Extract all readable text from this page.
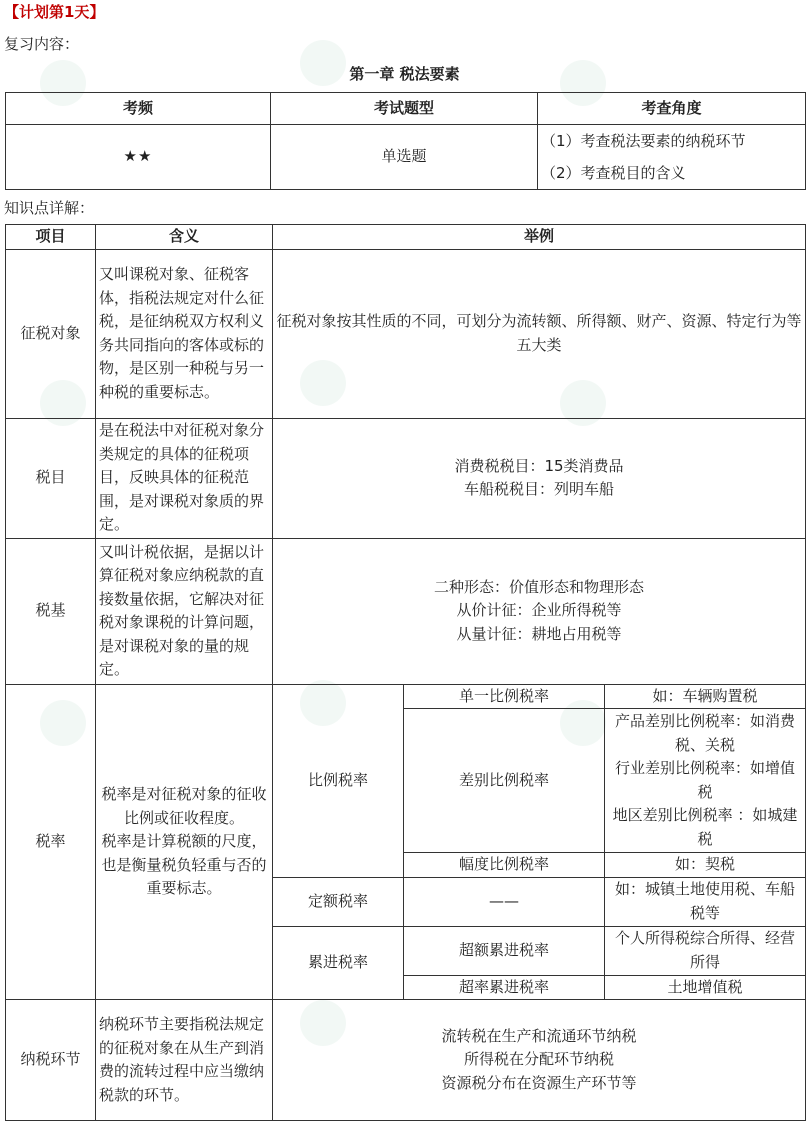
【计划第1天】
复习内容：
第一章 税法要素
考频	考试题型	考查角度
★★	单选题	（1）考查税法要素的纳税环节
（2）考查税目的含义
知识点详解：
项目	含义	举例		
征税对象	又叫课税对象、征税客体，指税法规定对什么征税，是征纳税双方权利义务共同指向的客体或标的物，是区别一种税与另一种税的重要标志。	征税对象按其性质的不同，可划分为流转额、所得额、财产、资源、特定行为等五大类		
税目	是在税法中对征税对象分类规定的具体的征税项目，反映具体的征税范围，是对课税对象质的界定。	消费税税目：15类消费品
车船税税目：列明车船		

税基	又叫计税依据，是据以计算征税对象应纳税款的直接数量依据，它解决对征税对象课税的计算问题，是对课税对象的量的规定。	二种形态：价值形态和物理形态
从价计征：企业所得税等
从量计征：耕地占用税等		

税率	税率是对征税对象的征收比例或征收程度。
税率是计算税额的尺度，也是衡量税负轻重与否的重要标志。	比例税率	单一比例税率	如：车辆购置税
			差别比例税率	产品差别比例税率：如消费税、关税
行业差别比例税率：如增值税
地区差别比例税率 ：如城建税

			幅度比例税率	如：契税
		定额税率	——	如：城镇土地使用税、车船税等
		累进税率	超额累进税率	个人所得税综合所得、经营所得
			超率累进税率	土地增值税

纳税环节	纳税环节主要指税法规定的征税对象在从生产到消费的流转过程中应当缴纳税款的环节。	流转税在生产和流通环节纳税
所得税在分配环节纳税
资源税分布在资源生产环节等		
